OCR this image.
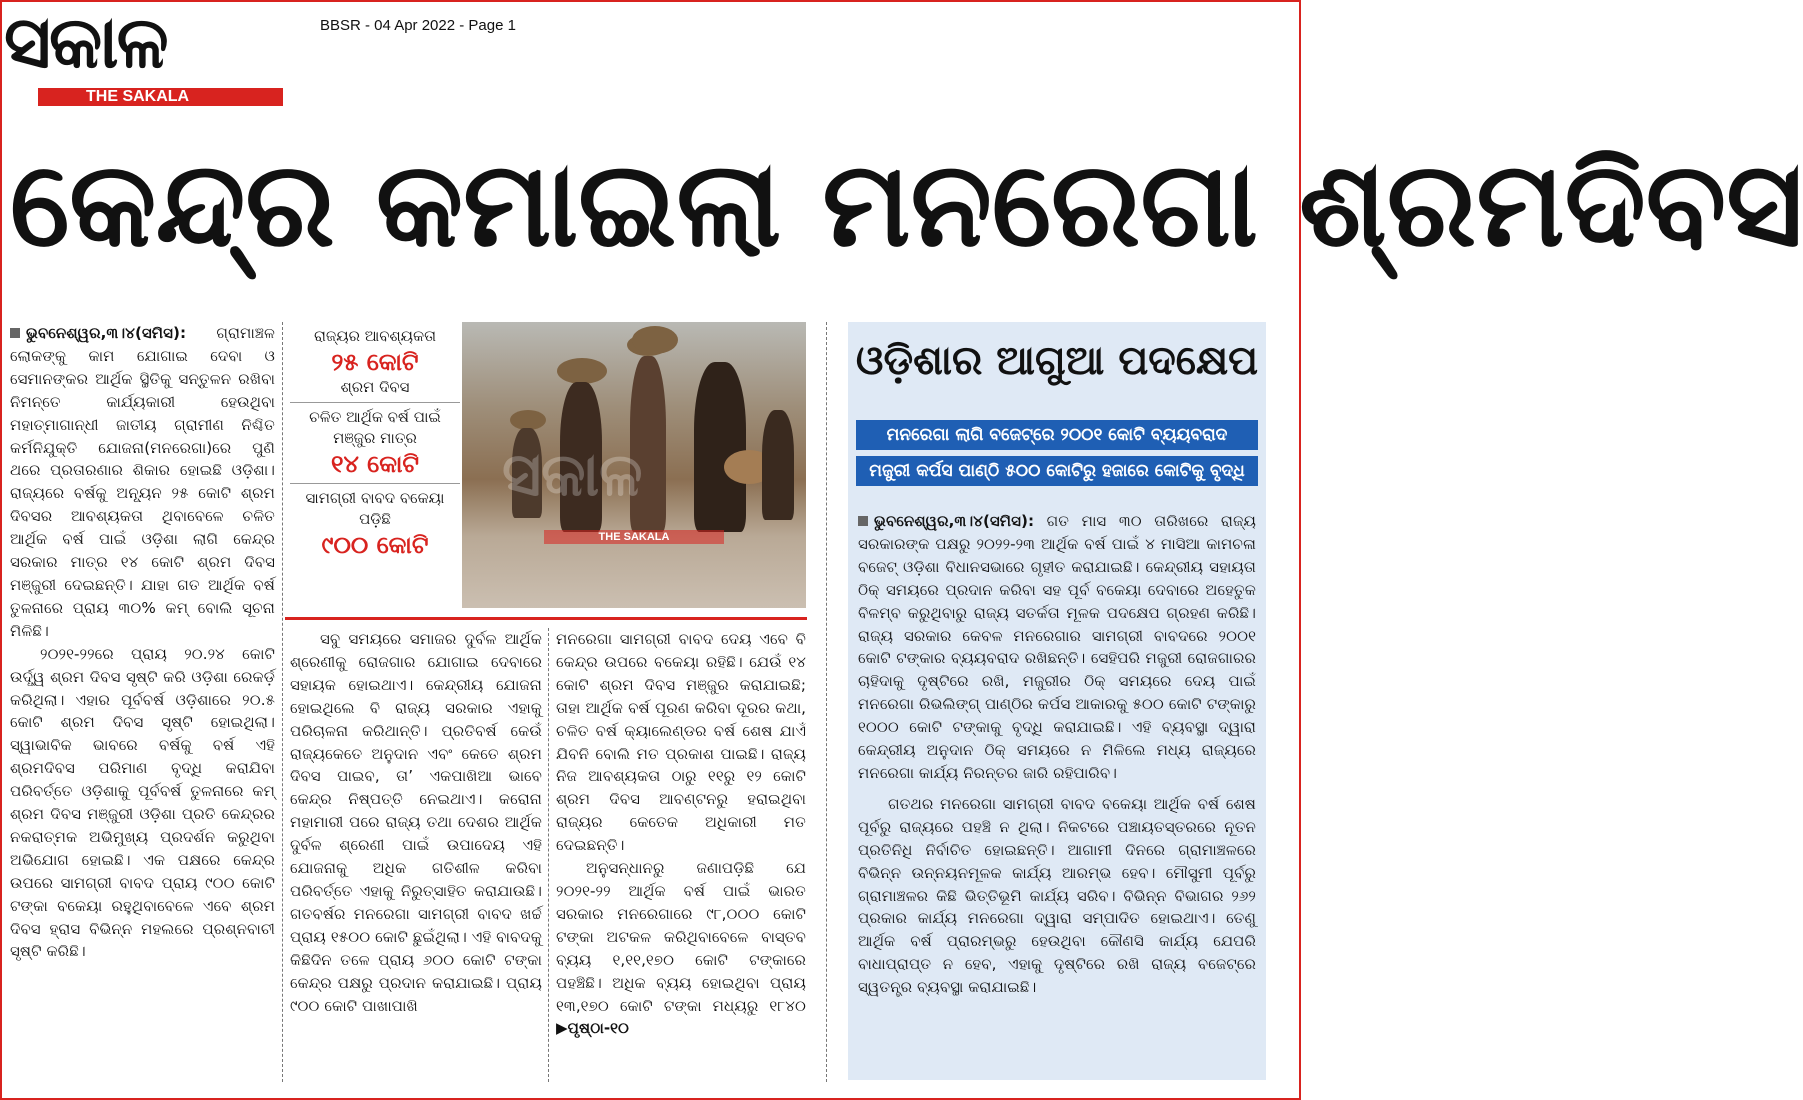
ସକାଳ
THE SAKALA
BBSR - 04 Apr 2022 - Page 1
କେନ୍ଦ୍ର କମାଇଲା ମନରେଗା ଶ୍ରମଦିବସ

ଭୁବନେଶ୍ୱର,୩।୪(ସମିସ): ଗ୍ରାମାଞ୍ଚଳ ଲୋକଙ୍କୁ କାମ ଯୋଗାଇ ଦେବା ଓ ସେମାନଙ୍କର ଆର୍ଥିକ ସ୍ଥିତିକୁ ସନ୍ତୁଳନ ରଖିବା ନିମନ୍ତେ କାର୍ଯ୍ୟକାରୀ ହେଉଥିବା ମହାତ୍ମାଗାନ୍ଧୀ ଜାତୀୟ ଗ୍ରାମୀଣ ନିଶ୍ଚିତ କର୍ମନିଯୁକ୍ତି ଯୋଜନା(ମନରେଗା)ରେ ପୁଣି ଥରେ ପ୍ରତାରଣାର ଶିକାର ହୋଇଛି ଓଡ଼ିଶା। ରାଜ୍ୟରେ ବର୍ଷକୁ ଅନ୍ୟୂନ ୨୫ କୋଟି ଶ୍ରମ ଦିବସର ଆବଶ୍ୟକତା ଥିବାବେଳେ ଚଳିତ ଆର୍ଥିକ ବର୍ଷ ପାଇଁ ଓଡ଼ିଶା ଲାଗି କେନ୍ଦ୍ର ସରକାର ମାତ୍ର ୧୪ କୋଟି ଶ୍ରମ ଦିବସ ମଞ୍ଜୁରୀ ଦେଇଛନ୍ତି। ଯାହା ଗତ ଆର୍ଥିକ ବର୍ଷ ତୁଳନାରେ ପ୍ରାୟ ୩୦% କମ୍ ବୋଲି ସୂଚନା ମିଳିଛି।

୨୦୨୧-୨୨ରେ ପ୍ରାୟ ୨୦.୨୪ କୋଟି ଉର୍ଦ୍ଧ୍ୱ ଶ୍ରମ ଦିବସ ସୃଷ୍ଟି କରି ଓଡ଼ିଶା ରେକର୍ଡ଼ କରିଥିଲା। ଏହାର ପୂର୍ବବର୍ଷ ଓଡ଼ିଶାରେ ୨୦.୫ କୋଟି ଶ୍ରମ ଦିବସ ସୃଷ୍ଟି ହୋଇଥିଲା। ସ୍ୱାଭାବିକ ଭାବରେ ବର୍ଷକୁ ବର୍ଷ ଏହି ଶ୍ରମଦିବସ ପରିମାଣ ବୃଦ୍ଧି କରାଯିବା ପରିବର୍ତ୍ତେ ଓଡ଼ିଶାକୁ ପୂର୍ବବର୍ଷ ତୁଳନାରେ କମ୍ ଶ୍ରମ ଦିବସ ମଞ୍ଜୁରୀ ଓଡ଼ିଶା ପ୍ରତି କେନ୍ଦ୍ରର ନକରାତ୍ମକ ଅଭିମୁଖ୍ୟ ପ୍ରଦର୍ଶନ କରୁଥିବା ଅଭିଯୋଗ ହୋଇଛି। ଏକ ପକ୍ଷରେ କେନ୍ଦ୍ର ଉପରେ ସାମଗ୍ରୀ ବାବଦ ପ୍ରାୟ ୯୦୦ କୋଟି ଟଙ୍କା ବକେୟା ରହୁଥିବାବେଳେ ଏବେ ଶ୍ରମ ଦିବସ ହ୍ରାସ ବିଭିନ୍ନ ମହଲରେ ପ୍ରଶ୍ନବାଚୀ ସୃଷ୍ଟି କରିଛି।

ରାଜ୍ୟର ଆବଶ୍ୟକତା
୨୫ କୋଟି
ଶ୍ରମ ଦିବସ
ଚଳିତ ଆର୍ଥିକ ବର୍ଷ ପାଇଁ ମଞ୍ଜୁର ମାତ୍ର
୧୪ କୋଟି
ସାମଗ୍ରୀ ବାବଦ ବକେୟା ପଡ଼ିଛି
୯୦୦ କୋଟି
ସକାଳ
THE SAKALA

ସବୁ ସମୟରେ ସମାଜର ଦୁର୍ବଳ ଆର୍ଥିକ ଶ୍ରେଣୀକୁ ରୋଜଗାର ଯୋଗାଇ ଦେବାରେ ସହାୟକ ହୋଇଥାଏ। କେନ୍ଦ୍ରୀୟ ଯୋଜନା ହୋଇଥିଲେ ବି ରାଜ୍ୟ ସରକାର ଏହାକୁ ପରିଚାଳନା କରିଥାନ୍ତି। ପ୍ରତିବର୍ଷ କେଉଁ ରାଜ୍ୟକେତେ ଅନୁଦାନ ଏବଂ କେତେ ଶ୍ରମ ଦିବସ ପାଇବ, ତା’ ଏକପାଖିଆ ଭାବେ କେନ୍ଦ୍ର ନିଷ୍ପତ୍ତି ନେଇଥାଏ। କରୋନା ମହାମାରୀ ପରେ ରାଜ୍ୟ ତଥା ଦେଶର ଆର୍ଥିକ ଦୁର୍ବଳ ଶ୍ରେଣୀ ପାଇଁ ଉପାଦେୟ ଏହି ଯୋଜନାକୁ ଅଧିକ ଗତିଶୀଳ କରିବା ପରିବର୍ତ୍ତେ ଏହାକୁ ନିରୁତ୍ସାହିତ କରାଯାଉଛି। ଗତବର୍ଷର ମନରେଗା ସାମଗ୍ରୀ ବାବଦ ଖର୍ଚ୍ଚ ପ୍ରାୟ ୧୫୦୦ କୋଟି ଛୁଇଁଥିଲା। ଏହି ବାବଦକୁ କିଛିଦିନ ତଳେ ପ୍ରାୟ ୬୦୦ କୋଟି ଟଙ୍କା କେନ୍ଦ୍ର ପକ୍ଷରୁ ପ୍ରଦାନ କରାଯାଇଛି। ପ୍ରାୟ ୯୦୦ କୋଟି ପାଖାପାଖି

ମନରେଗା ସାମଗ୍ରୀ ବାବଦ ଦେୟ ଏବେ ବି କେନ୍ଦ୍ର ଉପରେ ବକେୟା ରହିଛି। ଯେଉଁ ୧୪ କୋଟି ଶ୍ରମ ଦିବସ ମଞ୍ଜୁର କରାଯାଇଛି; ତାହା ଆର୍ଥିକ ବର୍ଷ ପୂରଣ କରିବା ଦୂରର କଥା, ଚଳିତ ବର୍ଷ କ୍ୟାଲେଣ୍ଡର ବର୍ଷ ଶେଷ ଯାଏଁ ଯିବନି ବୋଲି ମତ ପ୍ରକାଶ ପାଇଛି। ରାଜ୍ୟ ନିଜ ଆବଶ୍ୟକତା ଠାରୁ ୧୧ରୁ ୧୨ କୋଟି ଶ୍ରମ ଦିବସ ଆବଣ୍ଟନରୁ ହରାଇଥିବା ରାଜ୍ୟର କେତେକ ଅଧିକାରୀ ମତ ଦେଇଛନ୍ତି।

ଅନୁସନ୍ଧାନରୁ ଜଣାପଡ଼ିଛି ଯେ ୨୦୨୧-୨୨ ଆର୍ଥିକ ବର୍ଷ ପାଇଁ ଭାରତ ସରକାର ମନରେଗାରେ ୯୮,୦୦୦ କୋଟି ଟଙ୍କା ଅଟକଳ କରିଥିବାବେଳେ ବାସ୍ତବ ବ୍ୟୟ ୧,୧୧,୧୭୦ କୋଟି ଟଙ୍କାରେ ପହଞ୍ଚିଛି। ଅଧିକ ବ୍ୟୟ ହୋଇଥିବା ପ୍ରାୟ ୧୩,୧୭୦ କୋଟି ଟଙ୍କା ମଧ୍ୟରୁ ୧୮୪୦ ▶ପୃଷ୍ଠା-୧୦

ଓଡ଼ିଶାର ଆଗୁଆ ପଦକ୍ଷେପ
ମନରେଗା ଲାଗି ବଜେଟ୍‌ରେ ୨୦୦୧ କୋଟି ବ୍ୟୟବରାଦ
ମଜୁରୀ କର୍ପସ ପାଣ୍ଠି ୫୦୦ କୋଟିରୁ ହଜାରେ କୋଟିକୁ ବୃଦ୍ଧି

ଭୁବନେଶ୍ୱର,୩।୪(ସମିସ): ଗତ ମାସ ୩୦ ତାରିଖରେ ରାଜ୍ୟ ସରକାରଙ୍କ ପକ୍ଷରୁ ୨୦୨୨-୨୩ ଆର୍ଥିକ ବର୍ଷ ପାଇଁ ୪ ମାସିଆ କାମଚଳା ବଜେଟ୍ ଓଡ଼ିଶା ବିଧାନସଭାରେ ଗୃହୀତ କରାଯାଇଛି। କେନ୍ଦ୍ରୀୟ ସହାୟତା ଠିକ୍ ସମୟରେ ପ୍ରଦାନ କରିବା ସହ ପୂର୍ବ ବକେୟା ଦେବାରେ ଅହେତୁକ ବିଳମ୍ବ କରୁଥିବାରୁ ରାଜ୍ୟ ସତର୍କତା ମୂଳକ ପଦକ୍ଷେପ ଗ୍ରହଣ କରିଛି। ରାଜ୍ୟ ସରକାର କେବଳ ମନରେଗାର ସାମଗ୍ରୀ ବାବଦରେ ୨୦୦୧ କୋଟି ଟଙ୍କାର ବ୍ୟୟବରାଦ ରଖିଛନ୍ତି। ସେହିପରି ମଜୁରୀ ରୋଜଗାରର ଚାହିଦାକୁ ଦୃଷ୍ଟିରେ ରଖି, ମଜୁରୀର ଠିକ୍ ସମୟରେ ଦେୟ ପାଇଁ ମନରେଗା ରିଭଲିଙ୍ଗ୍ ପାଣ୍ଠିର କର୍ପସ ଆକାରକୁ ୫୦୦ କୋଟି ଟଙ୍କାରୁ ୧୦୦୦ କୋଟି ଟଙ୍କାକୁ ବୃଦ୍ଧି କରାଯାଇଛି। ଏହି ବ୍ୟବସ୍ଥା ଦ୍ୱାରା କେନ୍ଦ୍ରୀୟ ଅନୁଦାନ ଠିକ୍ ସମୟରେ ନ ମିଳିଲେ ମଧ୍ୟ ରାଜ୍ୟରେ ମନରେଗା କାର୍ଯ୍ୟ ନିରନ୍ତର ଜାରି ରହିପାରିବ।

ଗତଥର ମନରେଗା ସାମଗ୍ରୀ ବାବଦ ବକେୟା ଆର୍ଥିକ ବର୍ଷ ଶେଷ ପୂର୍ବରୁ ରାଜ୍ୟରେ ପହଞ୍ଚି ନ ଥିଲା। ନିକଟରେ ପଞ୍ଚାୟତସ୍ତରରେ ନୂତନ ପ୍ରତିନିଧି ନିର୍ବାଚିତ ହୋଇଛନ୍ତି। ଆଗାମୀ ଦିନରେ ଗ୍ରାମାଞ୍ଚଳରେ ବିଭିନ୍ନ ଉନ୍ନୟନମୂଳକ କାର୍ଯ୍ୟ ଆରମ୍ଭ ହେବ। ମୌସୁମୀ ପୂର୍ବରୁ ଗ୍ରାମାଞ୍ଚଳର କିଛି ଭିତ୍ତିଭୂମି କାର୍ଯ୍ୟ ସରିବ। ବିଭିନ୍ନ ବିଭାଗର ୨୬୨ ପ୍ରକାର କାର୍ଯ୍ୟ ମନରେଗା ଦ୍ୱାରା ସମ୍ପାଦିତ ହୋଇଥାଏ। ତେଣୁ ଆର୍ଥିକ ବର୍ଷ ପ୍ରାରମ୍ଭରୁ ହେଉଥିବା କୌଣସି କାର୍ଯ୍ୟ ଯେପରି ବାଧାପ୍ରାପ୍ତ ନ ହେବ, ଏହାକୁ ଦୃଷ୍ଟିରେ ରଖି ରାଜ୍ୟ ବଜେଟ୍‌ରେ ସ୍ୱତନ୍ତ୍ର ବ୍ୟବସ୍ଥା କରାଯାଇଛି।
